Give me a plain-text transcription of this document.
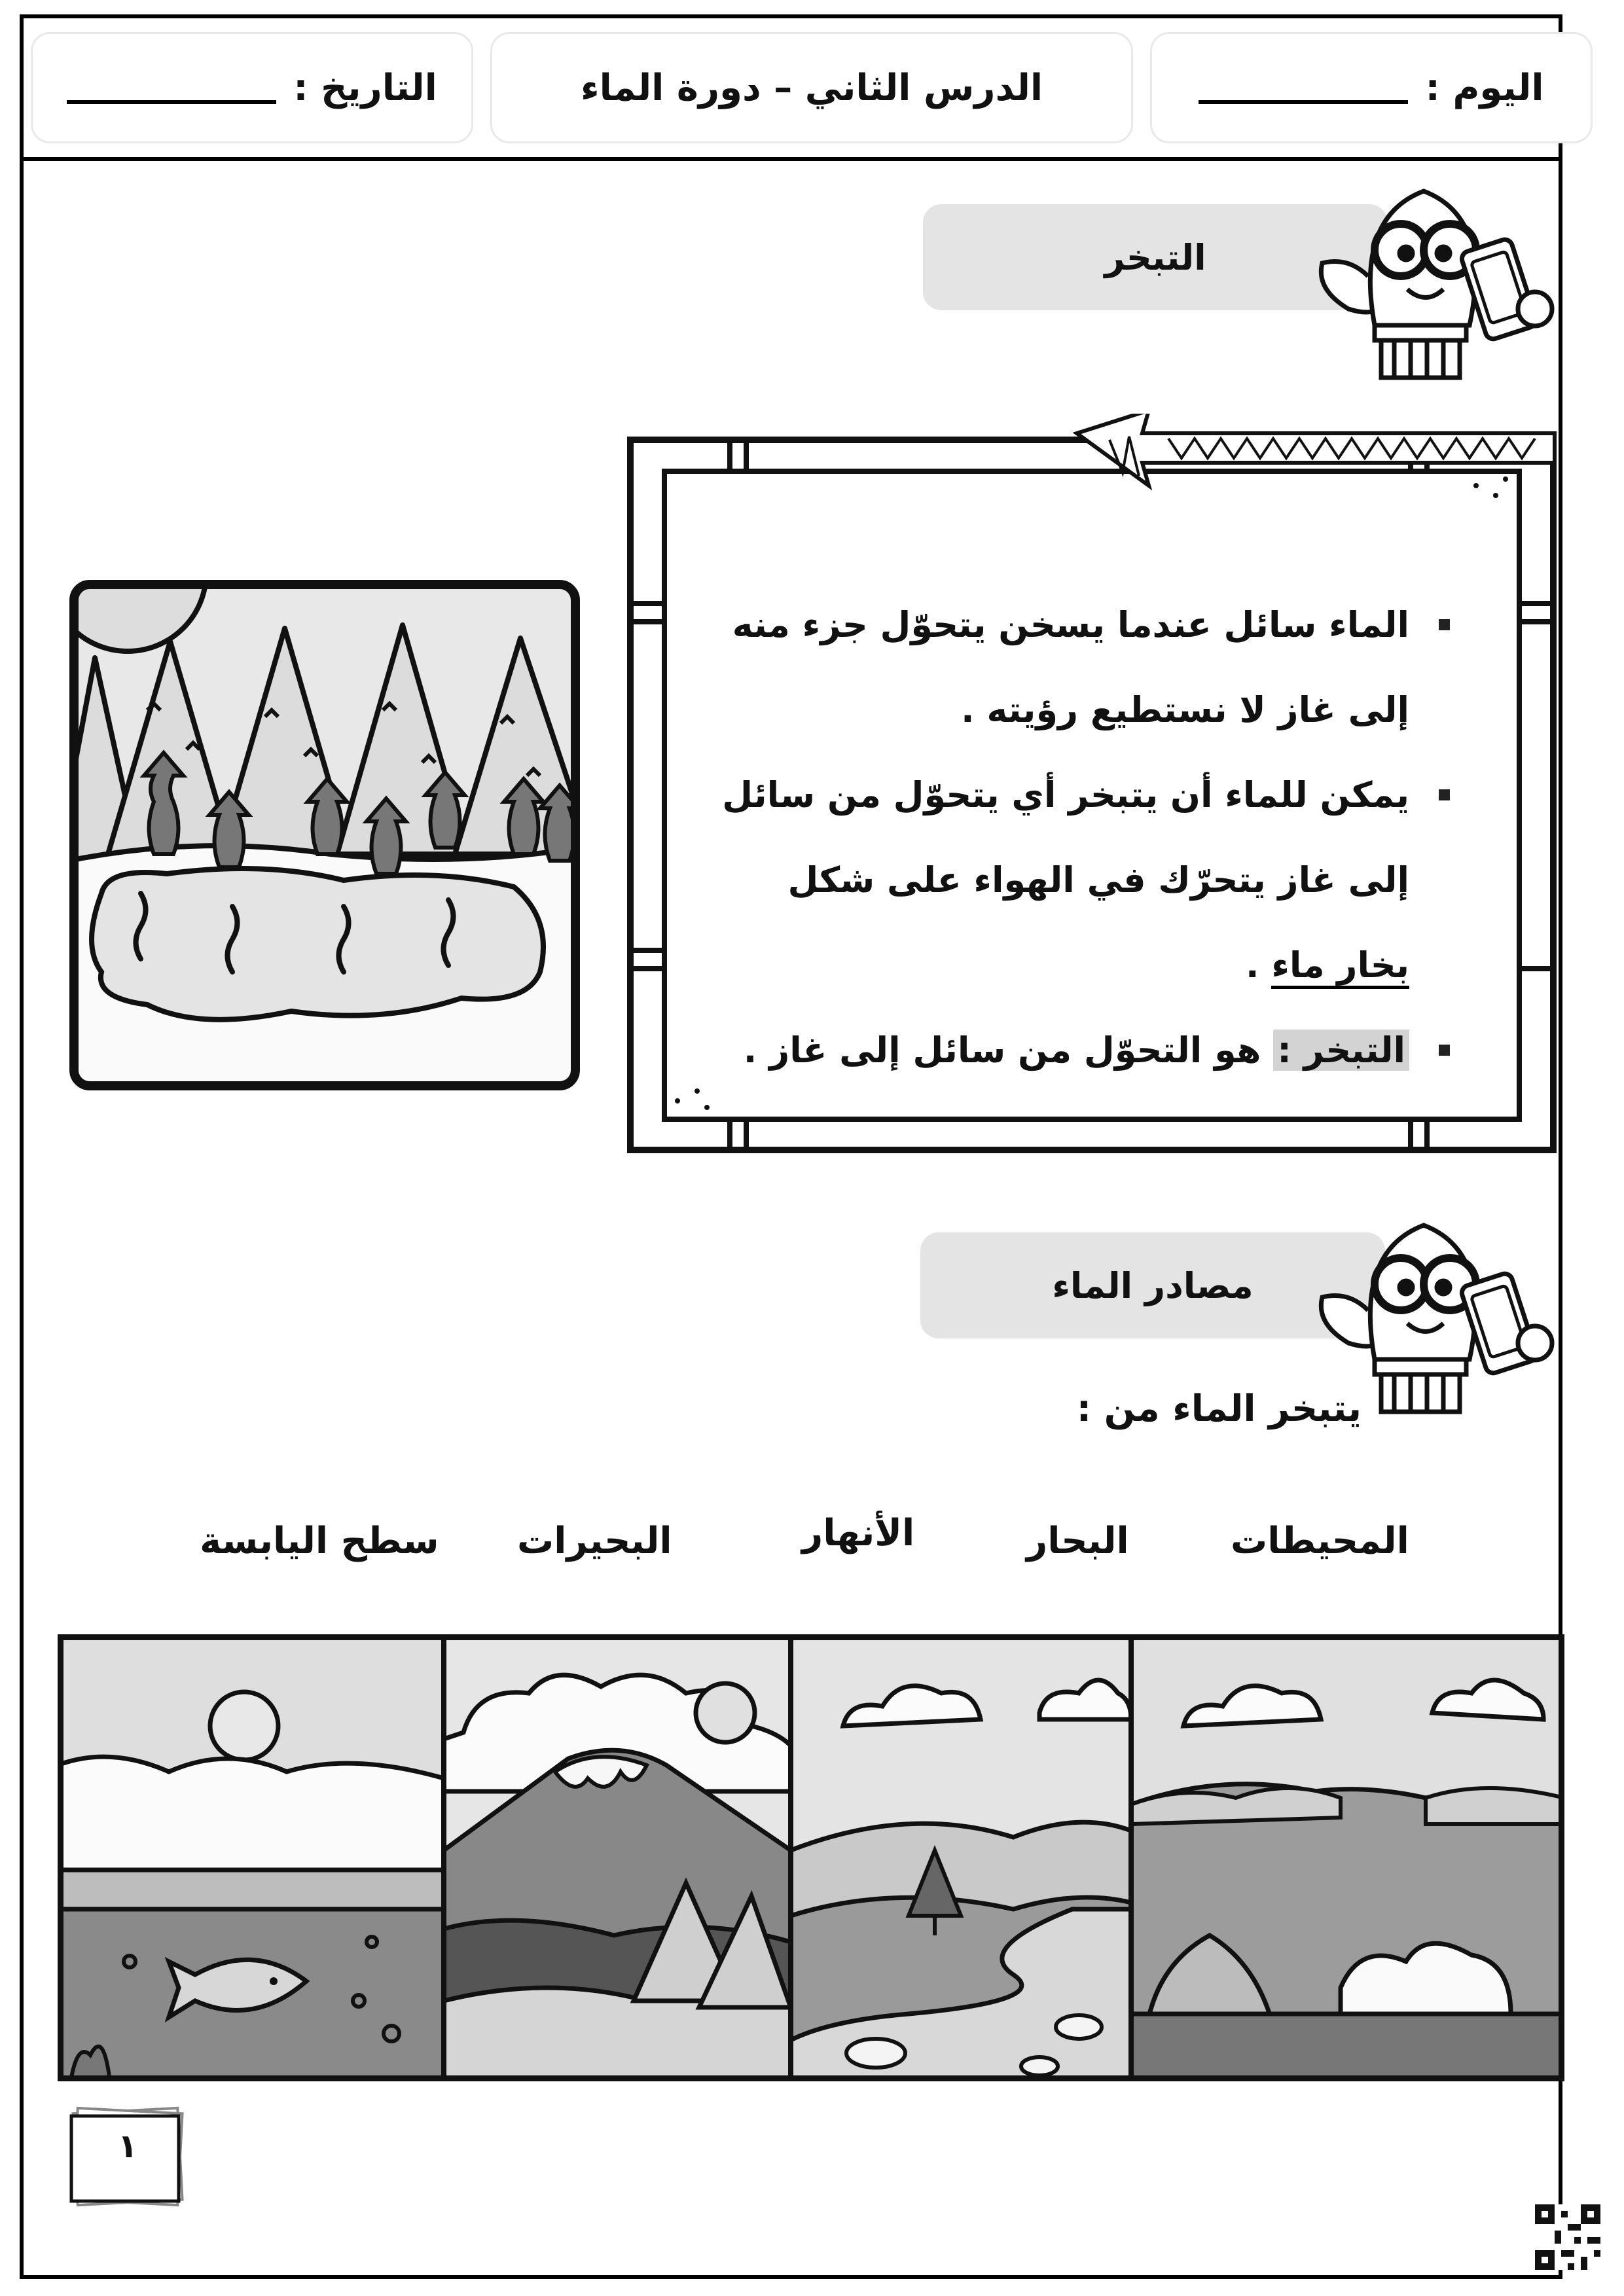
اليوم :
الدرس الثاني – دورة الماء
التاريخ :
التبخر
الماء سائل عندما يسخن يتحوّل جزء منه إلى غاز لا نستطيع رؤيته .
يمكن للماء أن يتبخر أي يتحوّل من سائل إلى غاز يتحرّك في الهواء على شكل بخار ماء .
التبخر : هو التحوّل من سائل إلى غاز .
مصادر الماء
يتبخر الماء من :
المحيطات
البحار
الأنهار
البحيرات
سطح اليابسة
١
